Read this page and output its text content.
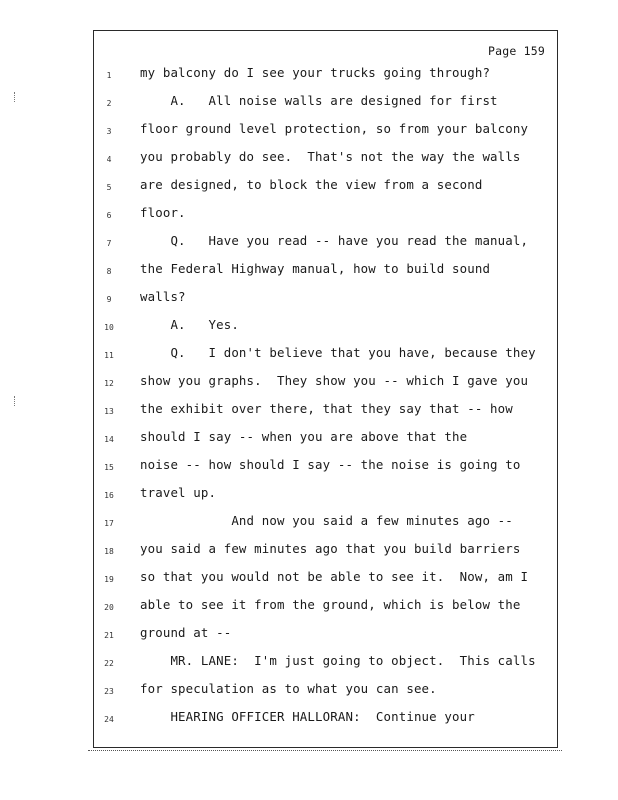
Page 159
1	my balcony do I see your trucks going through?
2	A.   All noise walls are designed for first
3	floor ground level protection, so from your balcony
4	you probably do see.  That's not the way the walls
5	are designed, to block the view from a second
6	floor.
7	Q.   Have you read -- have you read the manual,
8	the Federal Highway manual, how to build sound
9	walls?
10	A.   Yes.
11	Q.   I don't believe that you have, because they
12	show you graphs.  They show you -- which I gave you
13	the exhibit over there, that they say that -- how
14	should I say -- when you are above that the
15	noise -- how should I say -- the noise is going to
16	travel up.
17	And now you said a few minutes ago --
18	you said a few minutes ago that you build barriers
19	so that you would not be able to see it.  Now, am I
20	able to see it from the ground, which is below the
21	ground at --
22	MR. LANE:  I'm just going to object.  This calls
23	for speculation as to what you can see.
24	HEARING OFFICER HALLORAN:  Continue your
